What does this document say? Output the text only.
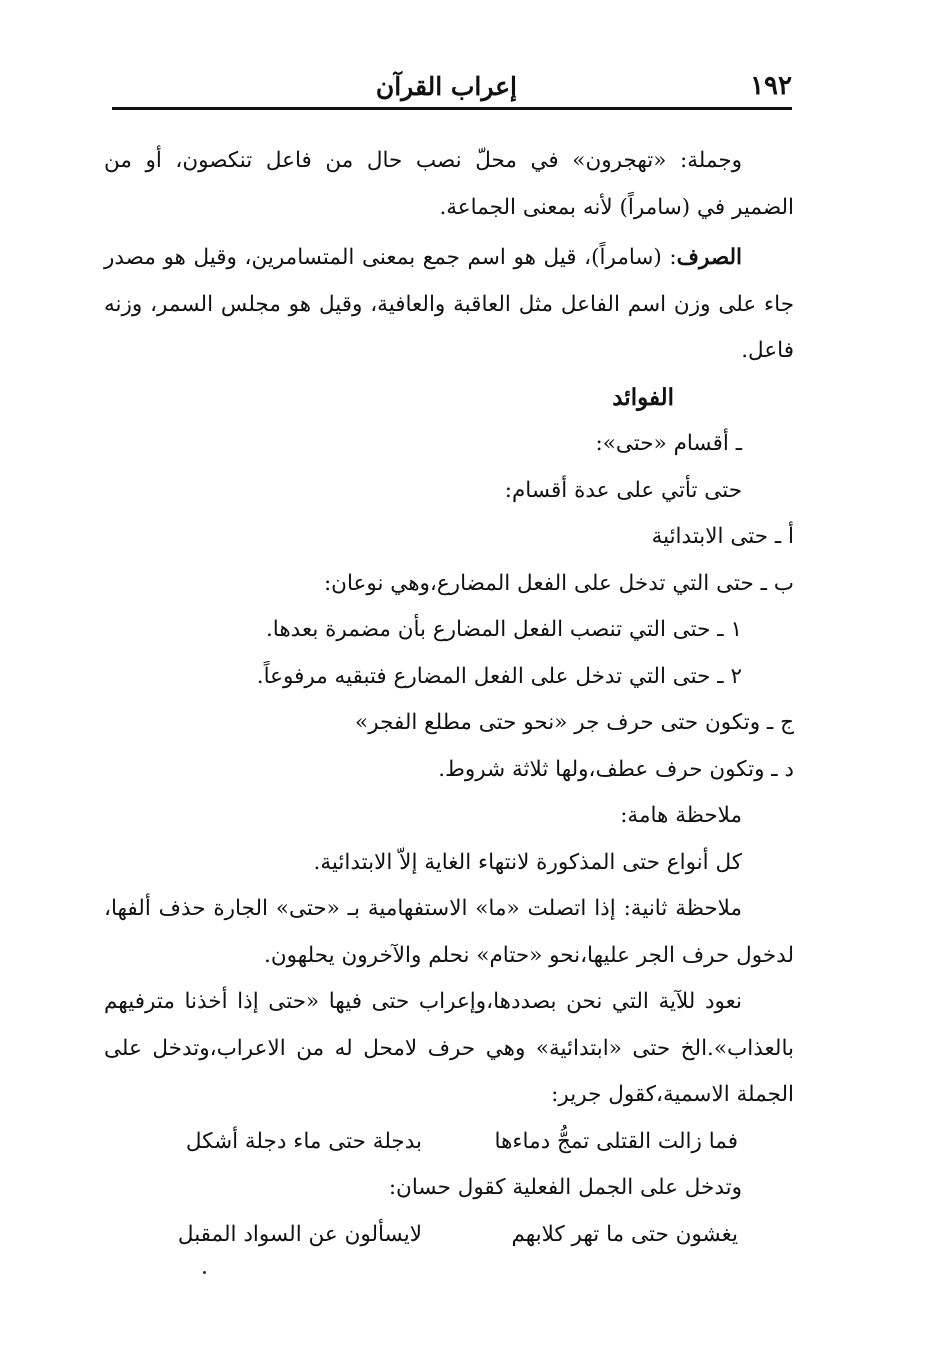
١٩٢
إعراب القرآن

وجملة: «تهجرون» في محلّ نصب حال من فاعل تنكصون، أو من الضمير في (سامراً) لأنه بمعنى الجماعة.

الصرف: (سامراً)، قيل هو اسم جمع بمعنى المتسامرين، وقيل هو مصدر جاء على وزن اسم الفاعل مثل العاقبة والعافية، وقيل هو مجلس السمر، وزنه فاعل.

الفوائد

ـ أقسام «حتى»:

حتى تأتي على عدة أقسام:

أ ـ حتى الابتدائية

ب ـ حتى التي تدخل على الفعل المضارع،وهي نوعان:

١ ـ حتى التي تنصب الفعل المضارع بأن مضمرة بعدها.

٢ ـ حتى التي تدخل على الفعل المضارع فتبقيه مرفوعاً.

ج ـ وتكون حتى حرف جر «نحو حتى مطلع الفجر»

د ـ وتكون حرف عطف،ولها ثلاثة شروط.

ملاحظة هامة:

كل أنواع حتى المذكورة لانتهاء الغاية إلاّ الابتدائية.

ملاحظة ثانية: إذا اتصلت «ما» الاستفهامية بـ «حتى» الجارة حذف ألفها، لدخول حرف الجر عليها،نحو «حتام» نحلم والآخرون يحلهون.

نعود للآية التي نحن بصددها،وإعراب حتى فيها «حتى إذا أخذنا مترفيهم بالعذاب».الخ حتى «ابتدائية» وهي حرف لامحل له من الاعراب،وتدخل على الجملة الاسمية،كقول جرير:

فما زالت القتلى تمجُّ دماءها
بدجلة حتى ماء دجلة أشكل

وتدخل على الجمل الفعلية كقول حسان:

يغشون حتى ما تهر كلابهم
لايسألون عن السواد المقبل
